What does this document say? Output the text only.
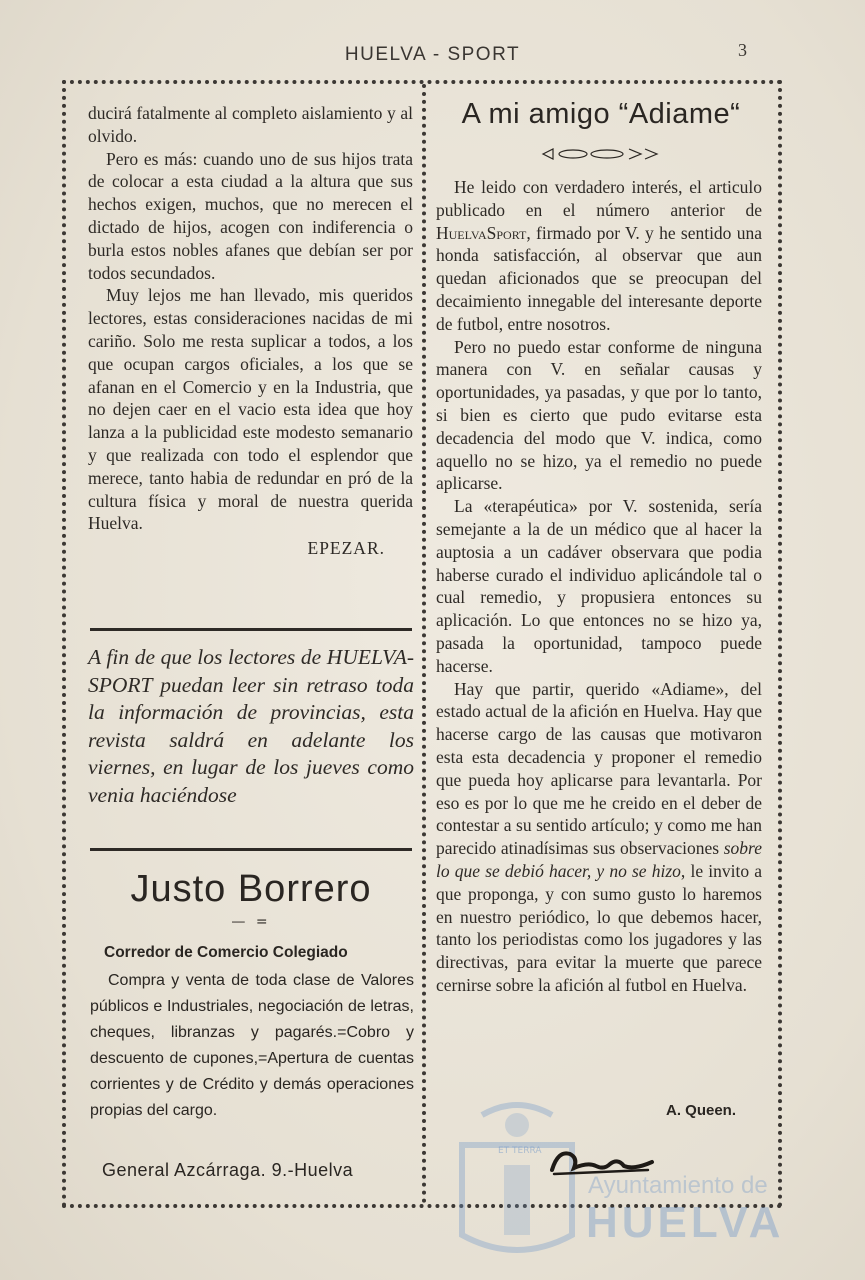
HUELVA - SPORT	3

ducirá fatalmente al completo aislamiento y al olvido.

Pero es más: cuando uno de sus hijos trata de colocar a esta ciudad a la altura que sus hechos exigen, muchos, que no merecen el dictado de hijos, acogen con indiferencia o burla estos nobles afanes que debían ser por todos secundados.

Muy lejos me han llevado, mis queridos lectores, estas consideraciones nacidas de mi cariño. Solo me resta suplicar a todos, a los que ocupan cargos oficiales, a los que se afanan en el Comercio y en la Industria, que no dejen caer en el vacio esta idea que hoy lanza a la publicidad este modesto semanario y que realizada con todo el esplendor que merece, tanto habia de redundar en pró de la cultura física y moral de nuestra querida Huelva.

EPEZAR.
A fin de que los lectores de HUELVA-SPORT puedan leer sin retraso toda la información de provincias, esta revista saldrá en adelante los viernes, en lugar de los jueves como venia haciéndose
Justo Borrero
— =
Corredor de Comercio Colegiado

Compra y venta de toda clase de Valores públicos e Industriales, negociación de letras, cheques, libranzas y pagarés.=Cobro y descuento de cupones,=Apertura de cuentas corrientes y de Crédito y demás operaciones propias del cargo.

General Azcárraga. 9.-Huelva
A mi amigo “Adiame“

He leido con verdadero interés, el articulo publicado en el número anterior de HuelvaSport, firmado por V. y he sentido una honda satisfacción, al observar que aun quedan aficionados que se preocupan del decaimiento innegable del interesante deporte de futbol, entre nosotros.

Pero no puedo estar conforme de ninguna manera con V. en señalar causas y oportunidades, ya pasadas, y que por lo tanto, si bien es cierto que pudo evitarse esta decadencia del modo que V. indica, como aquello no se hizo, ya el remedio no puede aplicarse.

La «terapéutica» por V. sostenida, sería semejante a la de un médico que al hacer la auptosia a un cadáver observara que podia haberse curado el individuo aplicándole tal o cual remedio, y propusiera entonces su aplicación. Lo que entonces no se hizo ya, pasada la oportunidad, tampoco puede hacerse.

Hay que partir, querido «Adiame», del estado actual de la afición en Huelva. Hay que hacerse cargo de las causas que motivaron esta esta decadencia y proponer el remedio que pueda hoy aplicarse para levantarla. Por eso es por lo que me he creido en el deber de contestar a su sentido artículo; y como me han parecido atinadísimas sus observaciones sobre lo que se debió hacer, y no se hizo, le invito a que proponga, y con sumo gusto lo haremos en nuestro periódico, lo que debemos hacer, tanto los periodistas como los jugadores y las directivas, para evitar la muerte que parece cernirse sobre la afición al futbol en Huelva.

A. Queen.
ET TERRA
Ayuntamiento de
HUELVA
